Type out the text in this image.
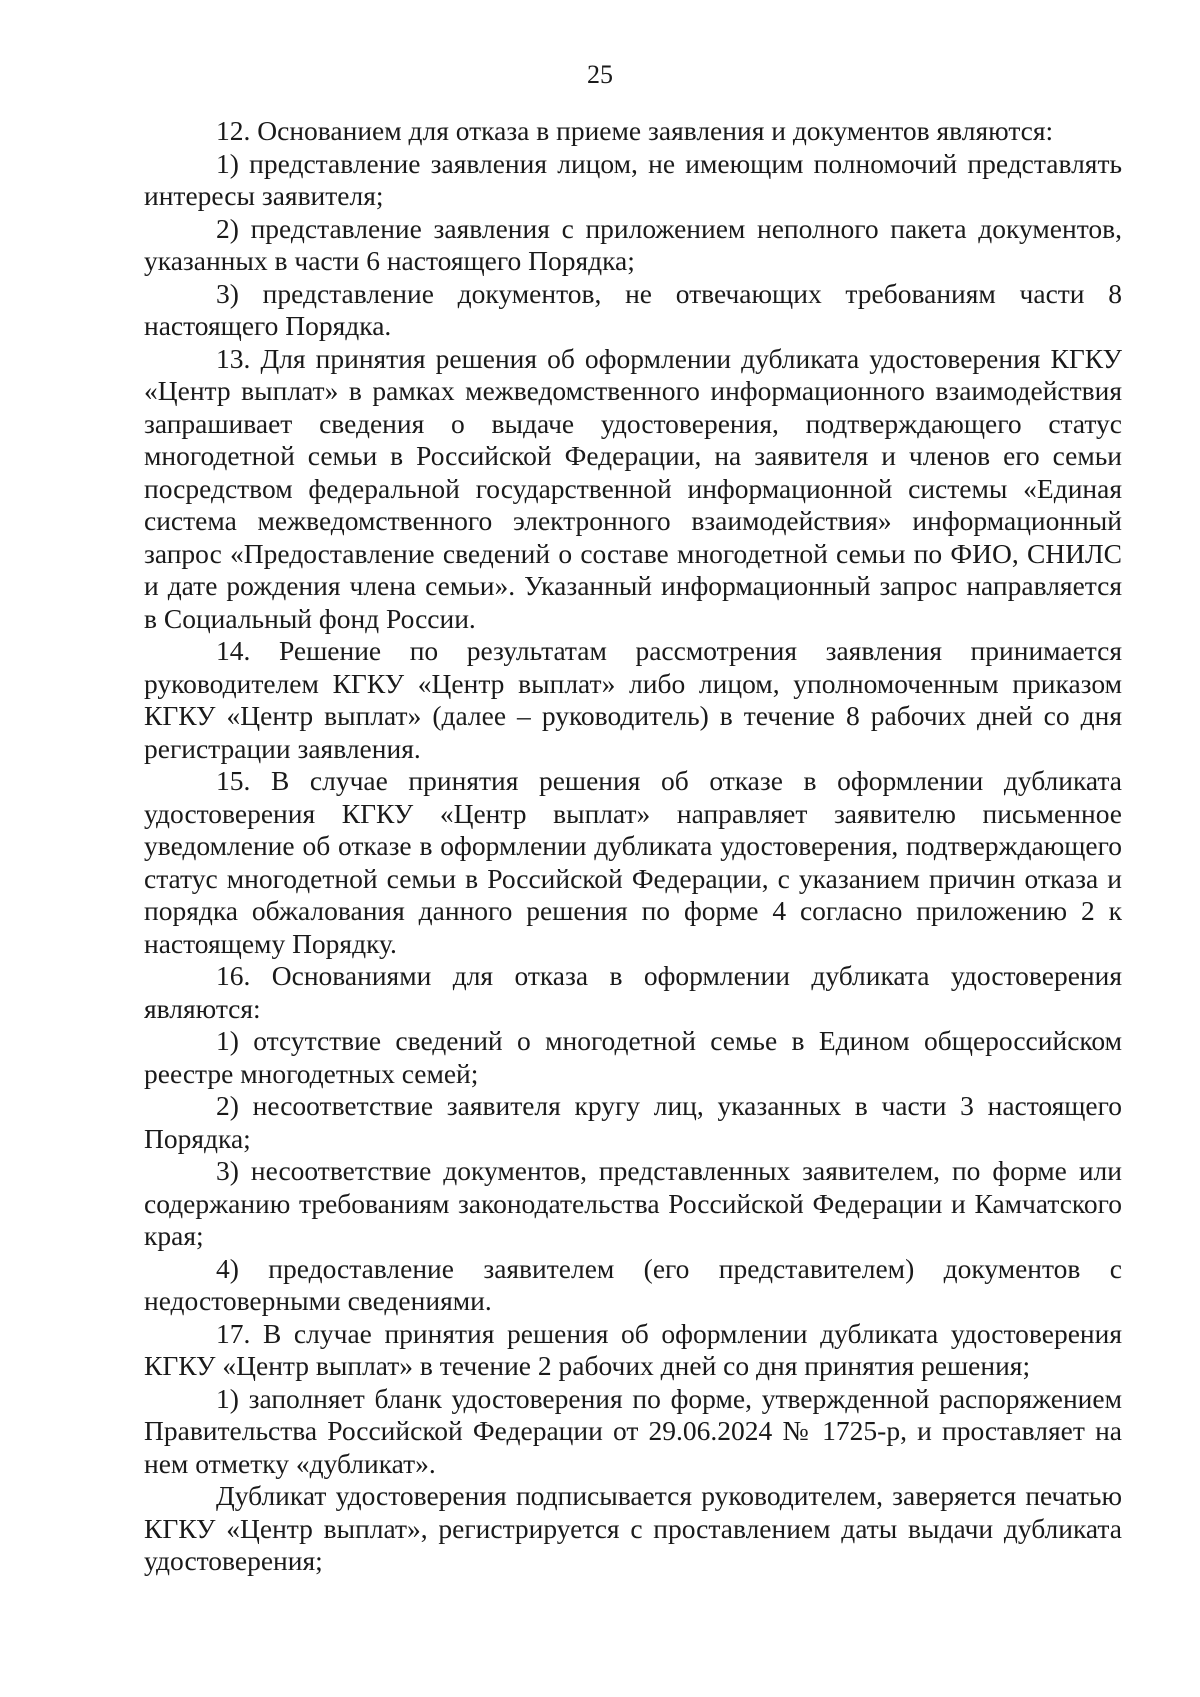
25

12. Основанием для отказа в приеме заявления и документов являются:

1) представление заявления лицом, не имеющим полномочий представлять интересы заявителя;

2) представление заявления с приложением неполного пакета документов, указанных в части 6 настоящего Порядка;

3) представление документов, не отвечающих требованиям части 8 настоящего Порядка.

13. Для принятия решения об оформлении дубликата удостоверения КГКУ «Центр выплат» в рамках межведомственного информационного взаимодействия запрашивает сведения о выдаче удостоверения, подтверждающего статус многодетной семьи в Российской Федерации, на заявителя и членов его семьи посредством федеральной государственной информационной системы «Единая система межведомственного электронного взаимодействия» информационный запрос «Предоставление сведений о составе многодетной семьи по ФИО, СНИЛС и дате рождения члена семьи». Указанный информационный запрос направляется в Социальный фонд России.

14. Решение по результатам рассмотрения заявления принимается руководителем КГКУ «Центр выплат» либо лицом, уполномоченным приказом КГКУ «Центр выплат» (далее – руководитель) в течение 8 рабочих дней со дня регистрации заявления.

15. В случае принятия решения об отказе в оформлении дубликата удостоверения КГКУ «Центр выплат» направляет заявителю письменное уведомление об отказе в оформлении дубликата удостоверения, подтверждающего статус многодетной семьи в Российской Федерации, с указанием причин отказа и порядка обжалования данного решения по форме 4 согласно приложению 2 к настоящему Порядку.

16. Основаниями для отказа в оформлении дубликата удостоверения являются:

1) отсутствие сведений о многодетной семье в Едином общероссийском реестре многодетных семей;

2) несоответствие заявителя кругу лиц, указанных в части 3 настоящего Порядка;

3) несоответствие документов, представленных заявителем, по форме или содержанию требованиям законодательства Российской Федерации и Камчатского края;

4) предоставление заявителем (его представителем) документов с недостоверными сведениями.

17. В случае принятия решения об оформлении дубликата удостоверения КГКУ «Центр выплат» в течение 2 рабочих дней со дня принятия решения;

1) заполняет бланк удостоверения по форме, утвержденной распоряжением Правительства Российской Федерации от 29.06.2024 № 1725-р, и проставляет на нем отметку «дубликат».

Дубликат удостоверения подписывается руководителем, заверяется печатью КГКУ «Центр выплат», регистрируется с проставлением даты выдачи дубликата удостоверения;
